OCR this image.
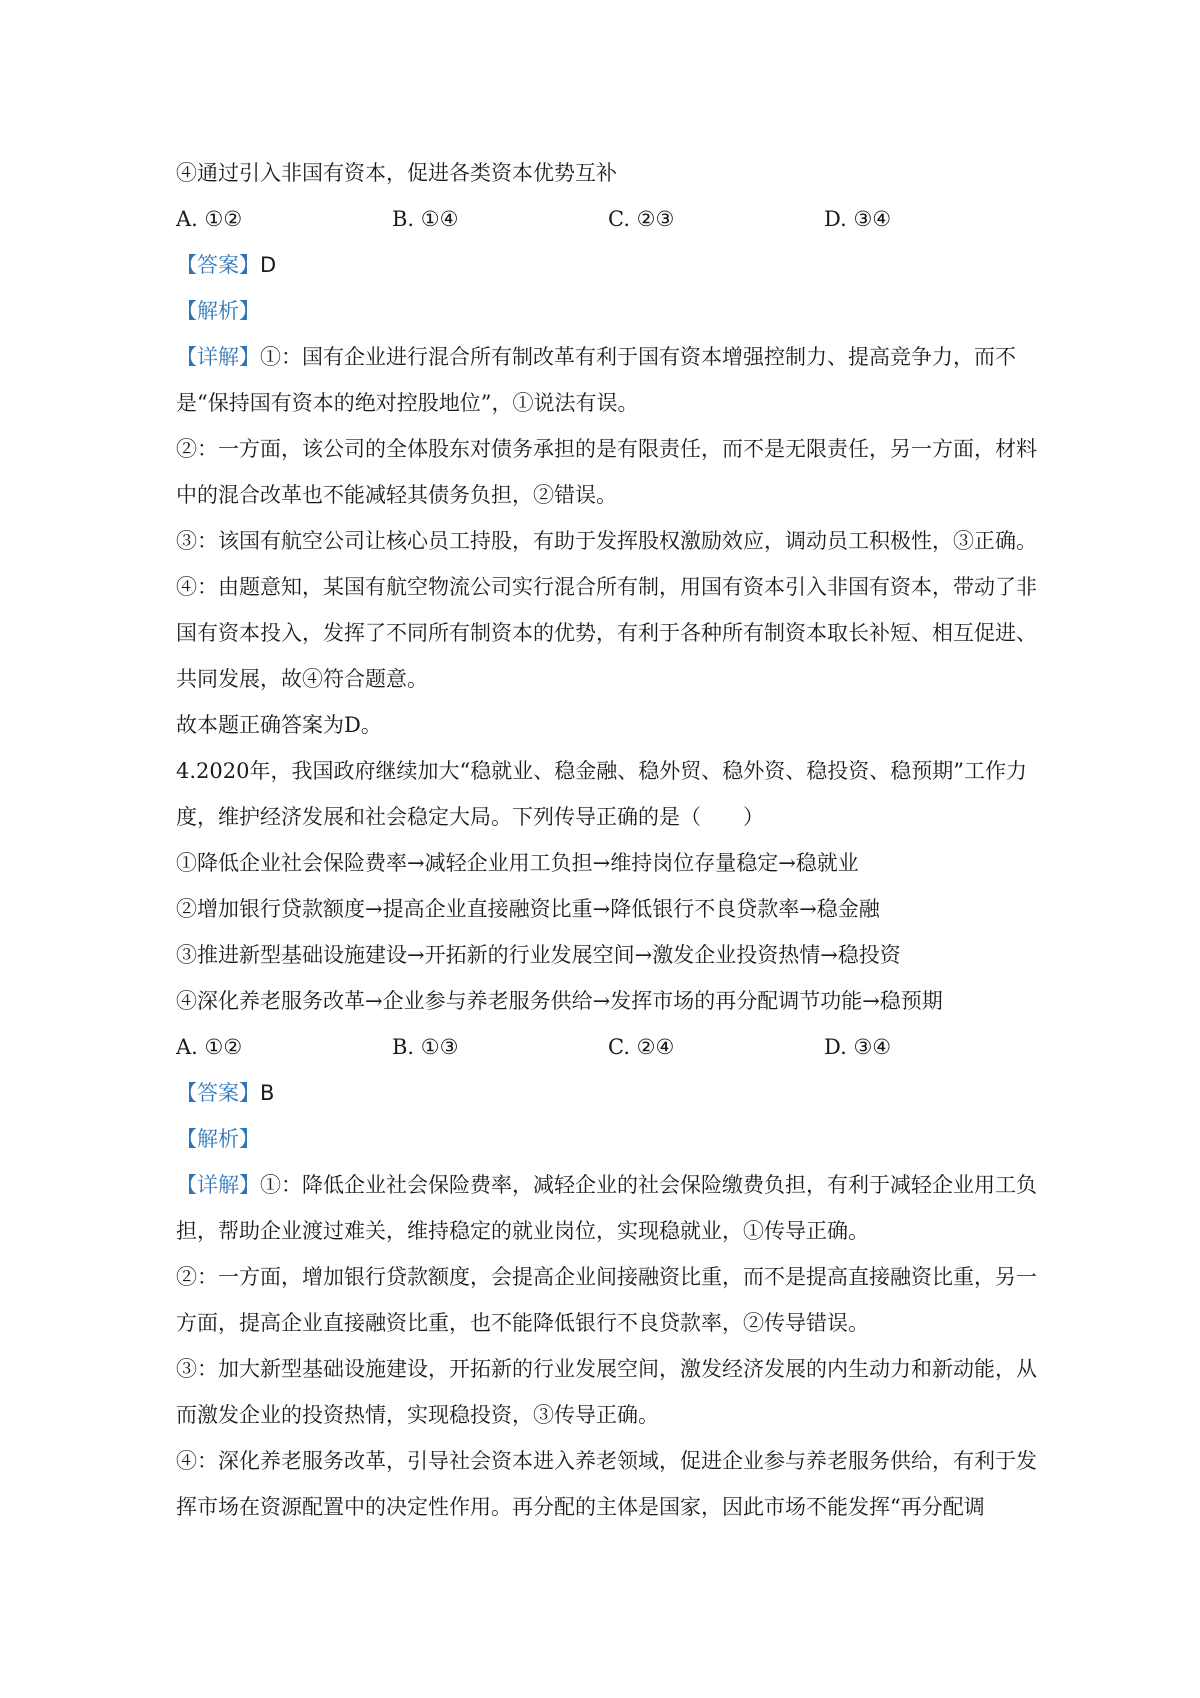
④通过引入非国有资本，促进各类资本优势互补
A. ①②	B. ①④	C. ②③	D. ③④
【答案】D
【解析】
【详解】①：国有企业进行混合所有制改革有利于国有资本增强控制力、提高竞争力，而不是“保持国有资本的绝对控股地位”，①说法有误。
②：一方面，该公司的全体股东对债务承担的是有限责任，而不是无限责任，另一方面，材料中的混合改革也不能减轻其债务负担，②错误。
③：该国有航空公司让核心员工持股，有助于发挥股权激励效应，调动员工积极性，③正确。
④：由题意知，某国有航空物流公司实行混合所有制，用国有资本引入非国有资本，带动了非国有资本投入，发挥了不同所有制资本的优势，有利于各种所有制资本取长补短、相互促进、共同发展，故④符合题意。
故本题正确答案为D。
4.2020年，我国政府继续加大“稳就业、稳金融、稳外贸、稳外资、稳投资、稳预期”工作力度，维护经济发展和社会稳定大局。下列传导正确的是（　　）
①降低企业社会保险费率→减轻企业用工负担→维持岗位存量稳定→稳就业
②增加银行贷款额度→提高企业直接融资比重→降低银行不良贷款率→稳金融
③推进新型基础设施建设→开拓新的行业发展空间→激发企业投资热情→稳投资
④深化养老服务改革→企业参与养老服务供给→发挥市场的再分配调节功能→稳预期
A. ①②	B. ①③	C. ②④	D. ③④
【答案】B
【解析】
【详解】①：降低企业社会保险费率，减轻企业的社会保险缴费负担，有利于减轻企业用工负担，帮助企业渡过难关，维持稳定的就业岗位，实现稳就业，①传导正确。
②：一方面，增加银行贷款额度，会提高企业间接融资比重，而不是提高直接融资比重，另一方面，提高企业直接融资比重，也不能降低银行不良贷款率，②传导错误。
③：加大新型基础设施建设，开拓新的行业发展空间，激发经济发展的内生动力和新动能，从而激发企业的投资热情，实现稳投资，③传导正确。
④：深化养老服务改革，引导社会资本进入养老领域，促进企业参与养老服务供给，有利于发挥市场在资源配置中的决定性作用。再分配的主体是国家，因此市场不能发挥“再分配调
